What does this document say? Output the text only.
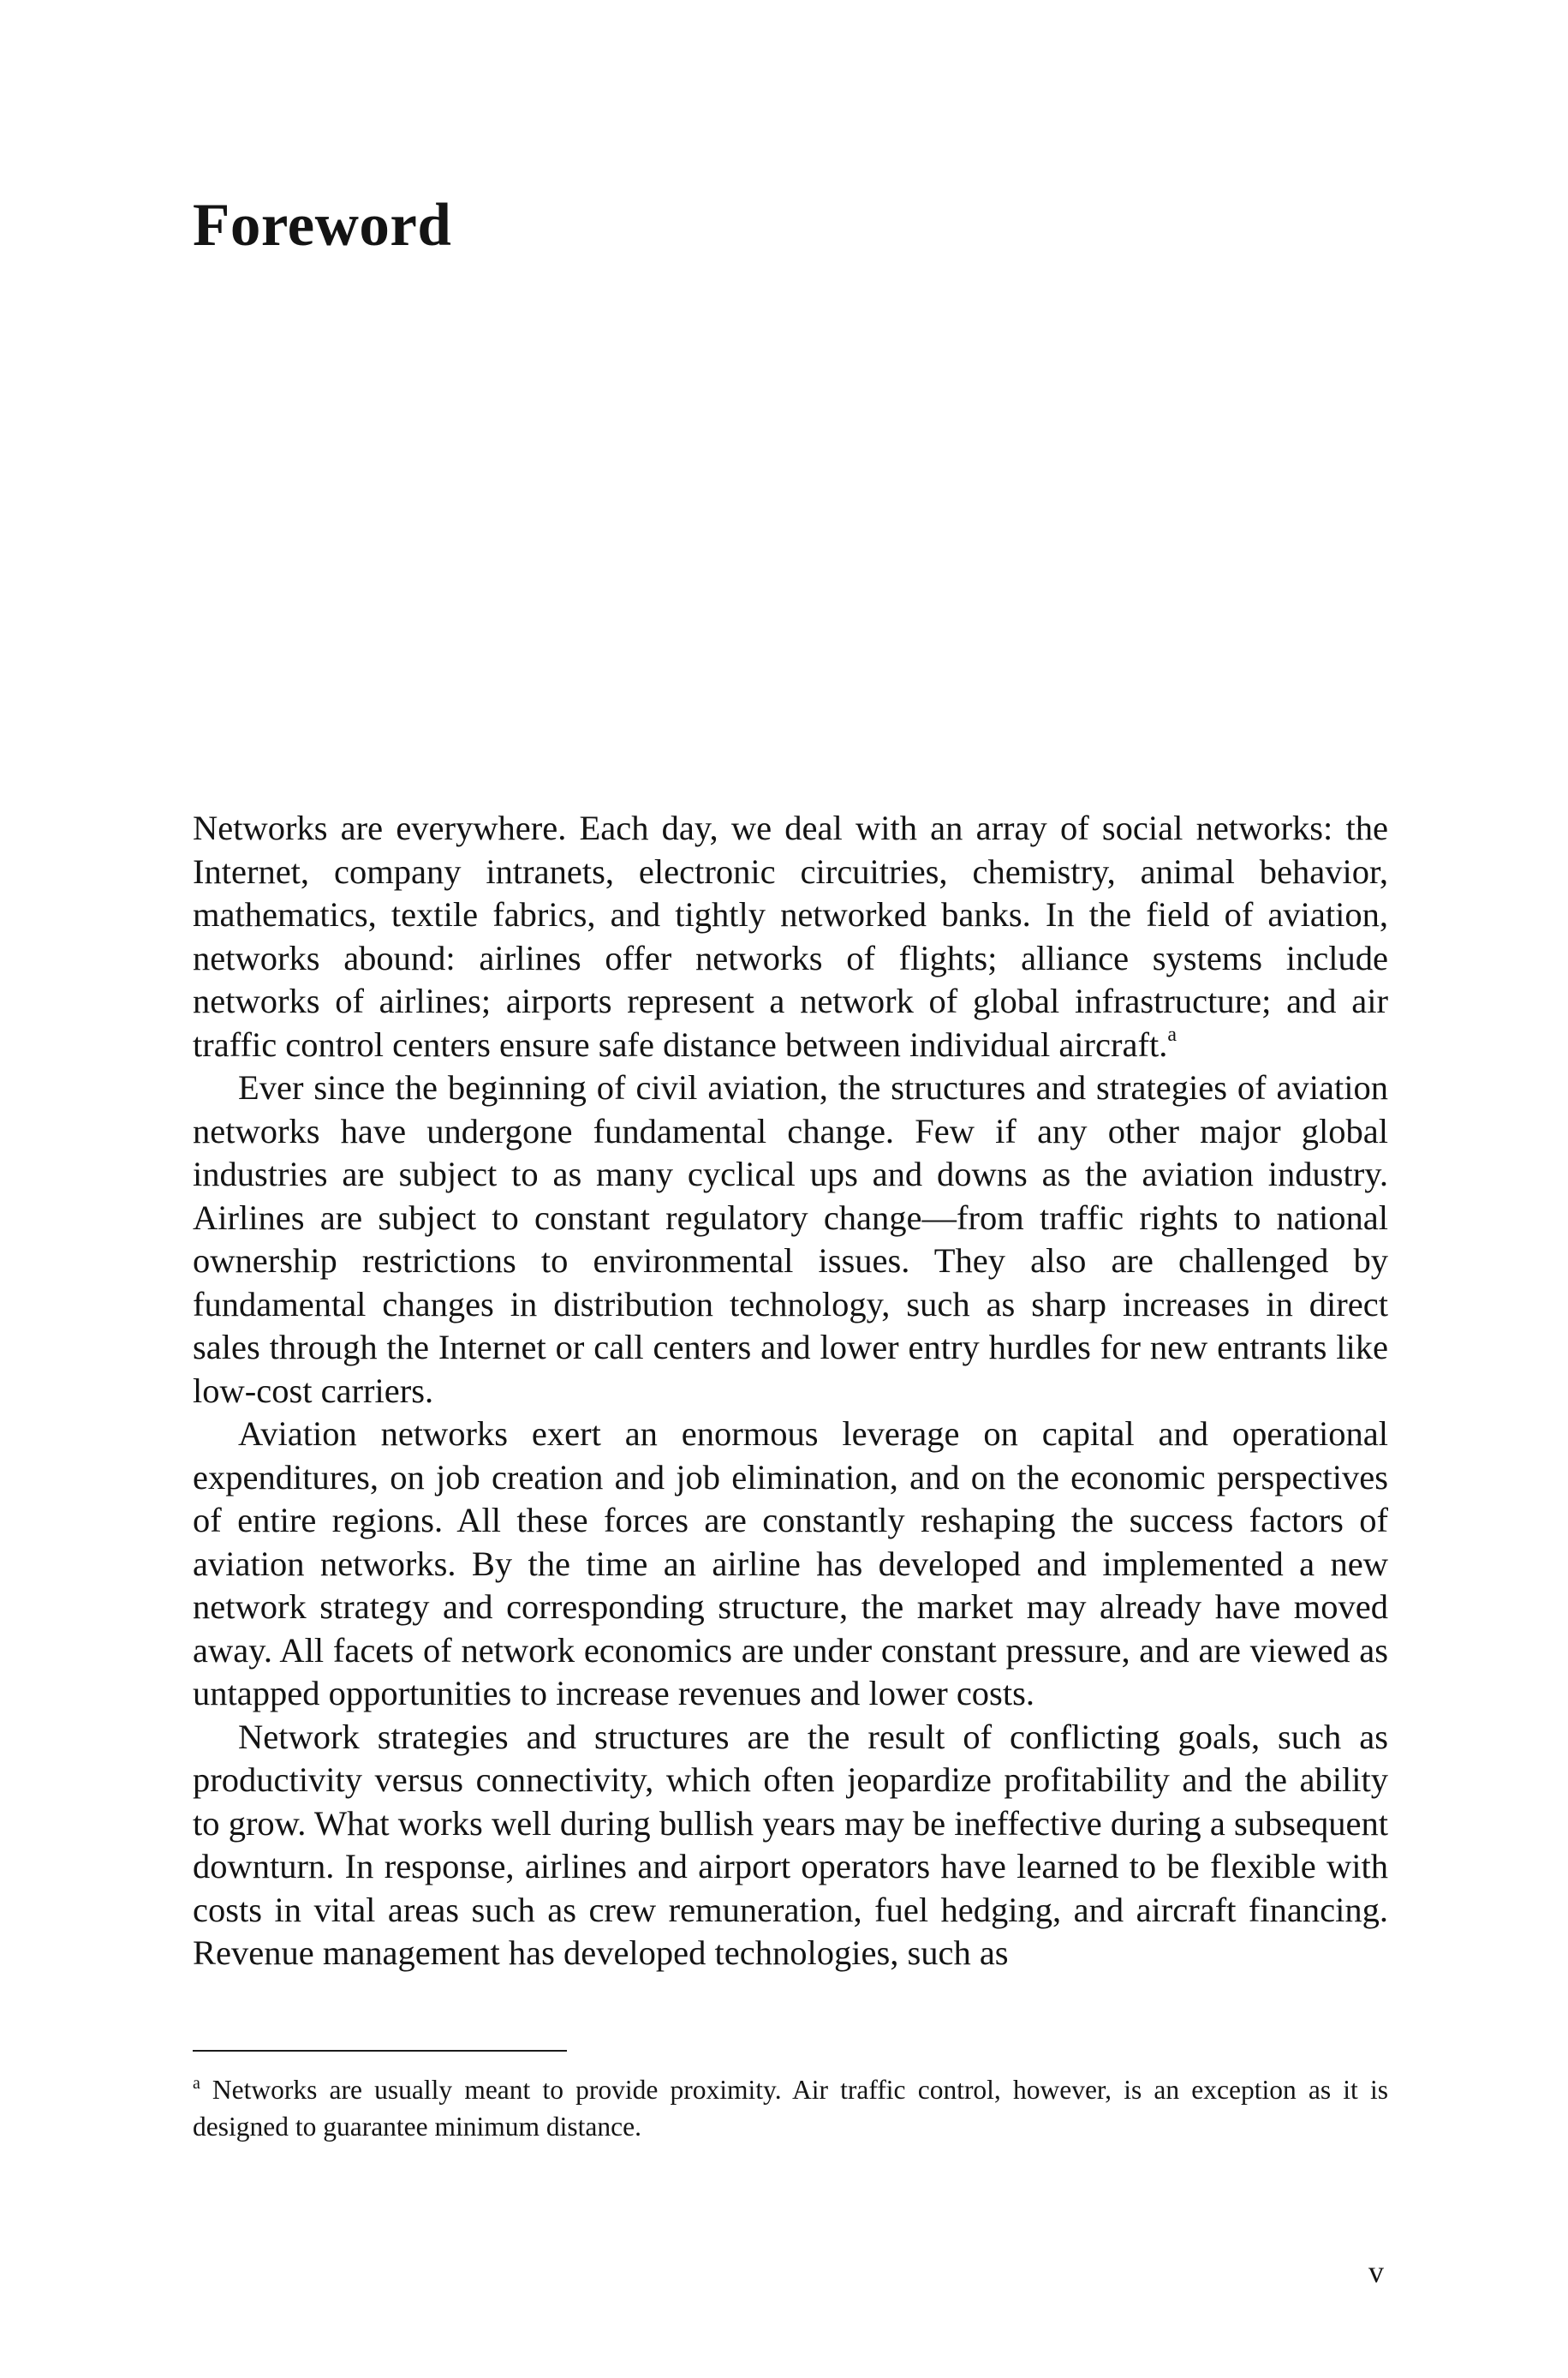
Foreword

Networks are everywhere. Each day, we deal with an array of social networks: the Internet, company intranets, electronic circuitries, chemistry, animal behavior, mathematics, textile fabrics, and tightly networked banks. In the field of aviation, networks abound: airlines offer networks of flights; alliance systems include networks of airlines; airports represent a network of global infrastructure; and air traffic control centers ensure safe distance between individual aircraft.$^a$

Ever since the beginning of civil aviation, the structures and strategies of aviation networks have undergone fundamental change. Few if any other major global industries are subject to as many cyclical ups and downs as the aviation industry. Airlines are subject to constant regulatory change—from traffic rights to national ownership restrictions to environmental issues. They also are challenged by fundamental changes in distribution technology, such as sharp increases in direct sales through the Internet or call centers and lower entry hurdles for new entrants like low-cost carriers.

Aviation networks exert an enormous leverage on capital and operational expenditures, on job creation and job elimination, and on the economic perspectives of entire regions. All these forces are constantly reshaping the success factors of aviation networks. By the time an airline has developed and implemented a new network strategy and corresponding structure, the market may already have moved away. All facets of network economics are under constant pressure, and are viewed as untapped opportunities to increase revenues and lower costs.

Network strategies and structures are the result of conflicting goals, such as productivity versus connectivity, which often jeopardize profitability and the ability to grow. What works well during bullish years may be ineffective during a subsequent downturn. In response, airlines and airport operators have learned to be flexible with costs in vital areas such as crew remuneration, fuel hedging, and aircraft financing. Revenue management has developed technologies, such as

$^a$ Networks are usually meant to provide proximity. Air traffic control, however, is an exception as it is designed to guarantee minimum distance.

v
